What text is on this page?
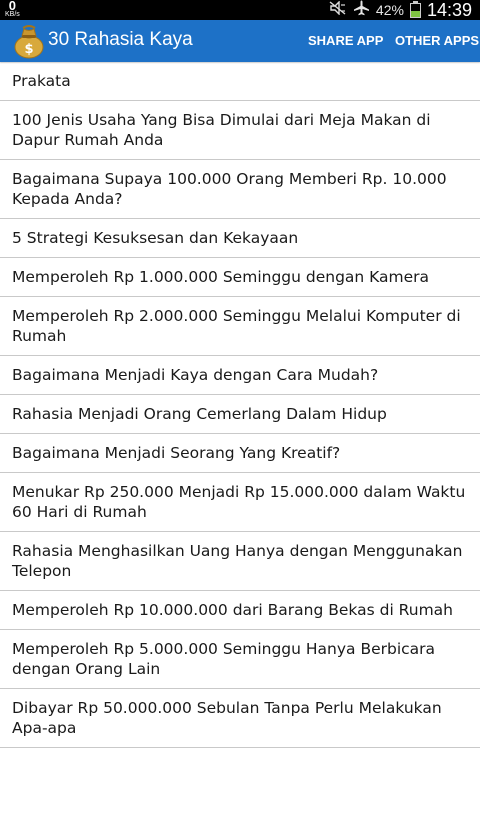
0
KB/s	42% 14:39
$ 30 Rahasia Kaya	SHARE APP OTHER APPS
Prakata
100 Jenis Usaha Yang Bisa Dimulai dari Meja Makan di Dapur Rumah Anda
Bagaimana Supaya 100.000 Orang Memberi Rp. 10.000 Kepada Anda?
5 Strategi Kesuksesan dan Kekayaan
Memperoleh Rp 1.000.000 Seminggu dengan Kamera
Memperoleh Rp 2.000.000 Seminggu Melalui Komputer di Rumah
Bagaimana Menjadi Kaya dengan Cara Mudah?
Rahasia Menjadi Orang Cemerlang Dalam Hidup
Bagaimana Menjadi Seorang Yang Kreatif?
Menukar Rp 250.000 Menjadi Rp 15.000.000 dalam Waktu 60 Hari di Rumah
Rahasia Menghasilkan Uang Hanya dengan Menggunakan Telepon
Memperoleh Rp 10.000.000 dari Barang Bekas di Rumah
Memperoleh Rp 5.000.000 Seminggu Hanya Berbicara dengan Orang Lain
Dibayar Rp 50.000.000 Sebulan Tanpa Perlu Melakukan Apa-apa
